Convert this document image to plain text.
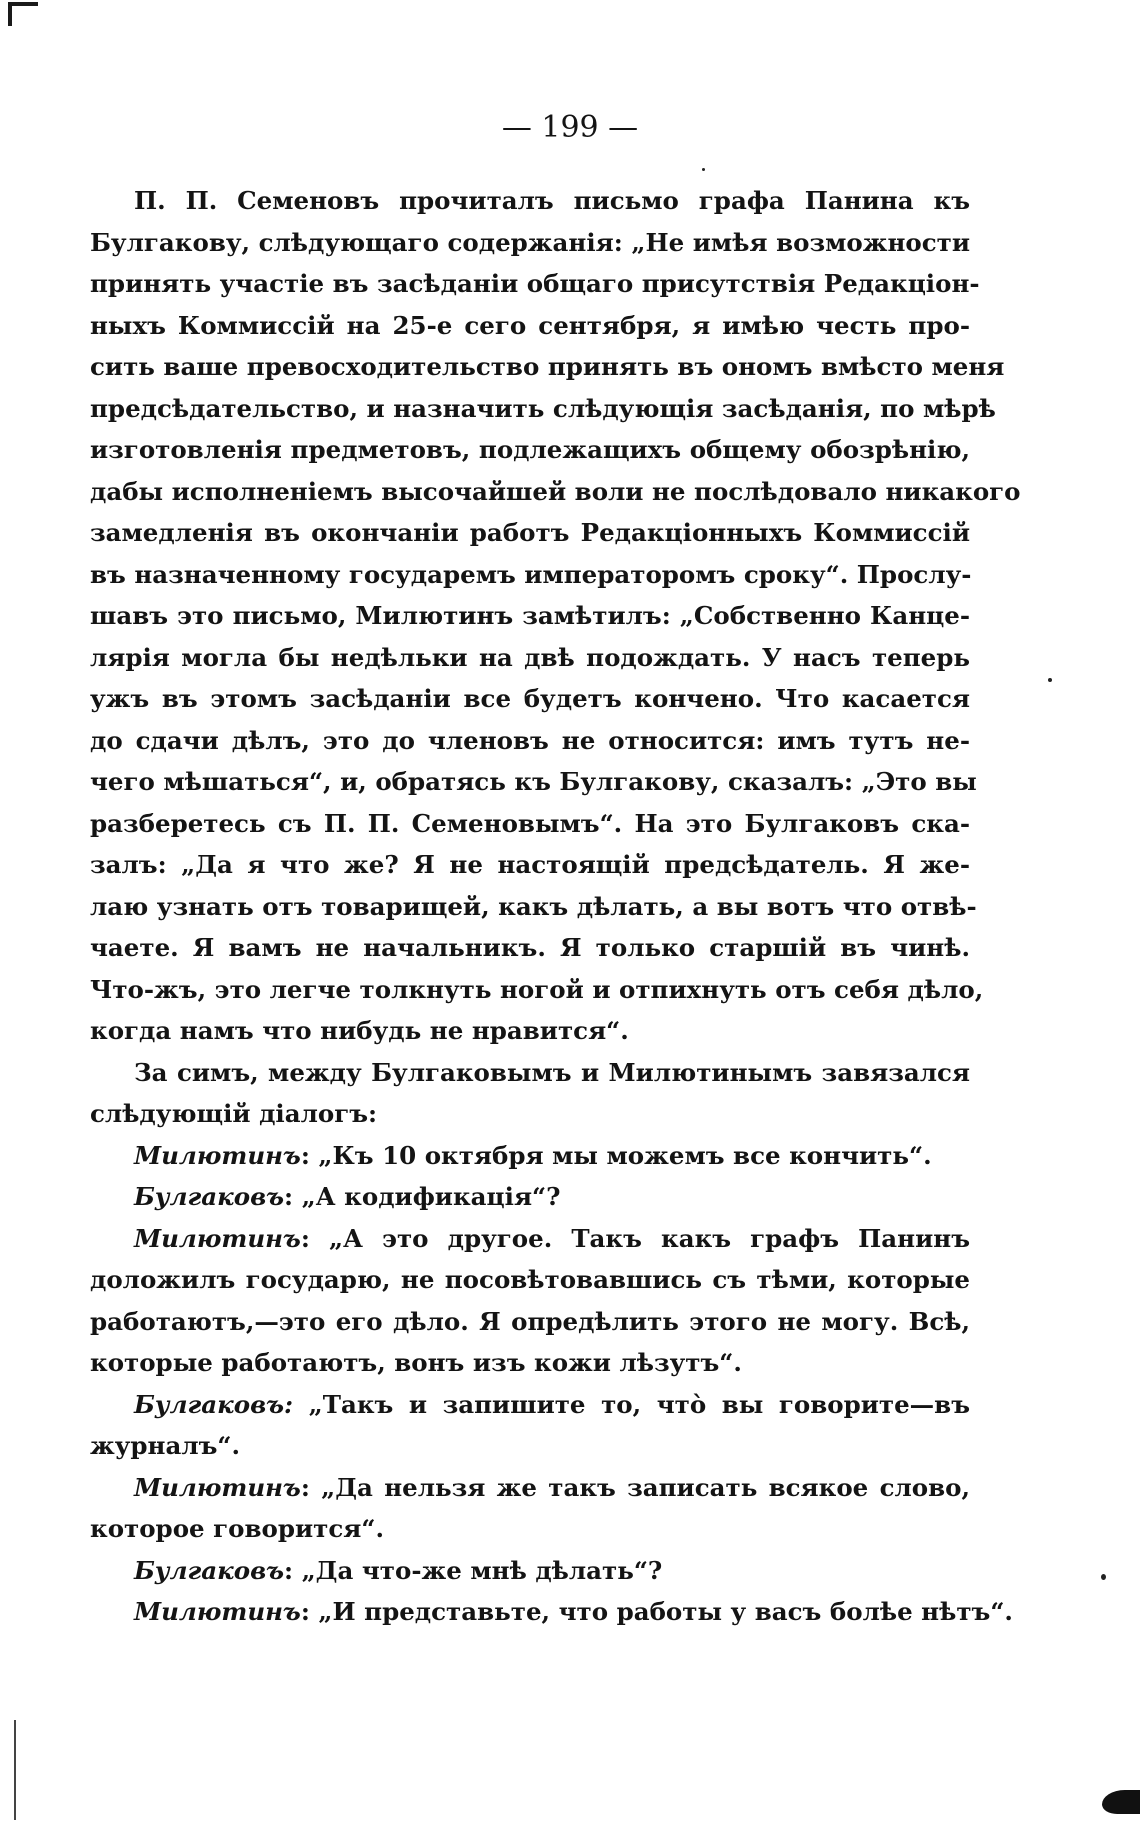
— 199 —
П. П. Семеновъ прочиталъ письмо графа Панина къ
Булгакову, слѣдующаго содержанія: „Не имѣя возможности
принять участіе въ засѣданіи общаго присутствія Редакціон-
ныхъ Коммиссій на 25-е сего сентября, я имѣю честь про-
сить ваше превосходительство принять въ ономъ вмѣсто меня
предсѣдательство, и назначить слѣдующія засѣданія, по мѣрѣ
изготовленія предметовъ, подлежащихъ общему обозрѣнію,
дабы исполненіемъ высочайшей воли не послѣдовало никакого
замедленія въ окончаніи работъ Редакціонныхъ Коммиссій
въ назначенному государемъ императоромъ сроку“. Прослу-
шавъ это письмо, Милютинъ замѣтилъ: „Собственно Канце-
лярія могла бы недѣльки на двѣ подождать. У насъ теперь
ужъ въ этомъ засѣданіи все будетъ кончено. Что касается
до сдачи дѣлъ, это до членовъ не относится: имъ тутъ не-
чего мѣшаться“, и, обратясь къ Булгакову, сказалъ: „Это вы
разберетесь съ П. П. Семеновымъ“. На это Булгаковъ ска-
залъ: „Да я что же? Я не настоящій предсѣдатель. Я же-
лаю узнать отъ товарищей, какъ дѣлать, а вы вотъ что отвѣ-
чаете. Я вамъ не начальникъ. Я только старшій въ чинѣ.
Что-жъ, это легче толкнуть ногой и отпихнуть отъ себя дѣло,
когда намъ что нибудь не нравится“.
За симъ, между Булгаковымъ и Милютинымъ завязался
слѣдующій діалогъ:
Милютинъ: „Къ 10 октября мы можемъ все кончить“.
Булгаковъ: „А кодификація“?
Милютинъ: „А это другое. Такъ какъ графъ Панинъ
доложилъ государю, не посовѣтовавшись съ тѣми, которые
работаютъ,—это его дѣло. Я опредѣлить этого не могу. Всѣ,
которые работаютъ, вонъ изъ кожи лѣзутъ“.
Булгаковъ: „Такъ и запишите то, что̀ вы говорите—въ
журналъ“.
Милютинъ: „Да нельзя же такъ записать всякое слово,
которое говорится“.
Булгаковъ: „Да что-же мнѣ дѣлать“?
Милютинъ: „И представьте, что работы у васъ болѣе нѣтъ“.
